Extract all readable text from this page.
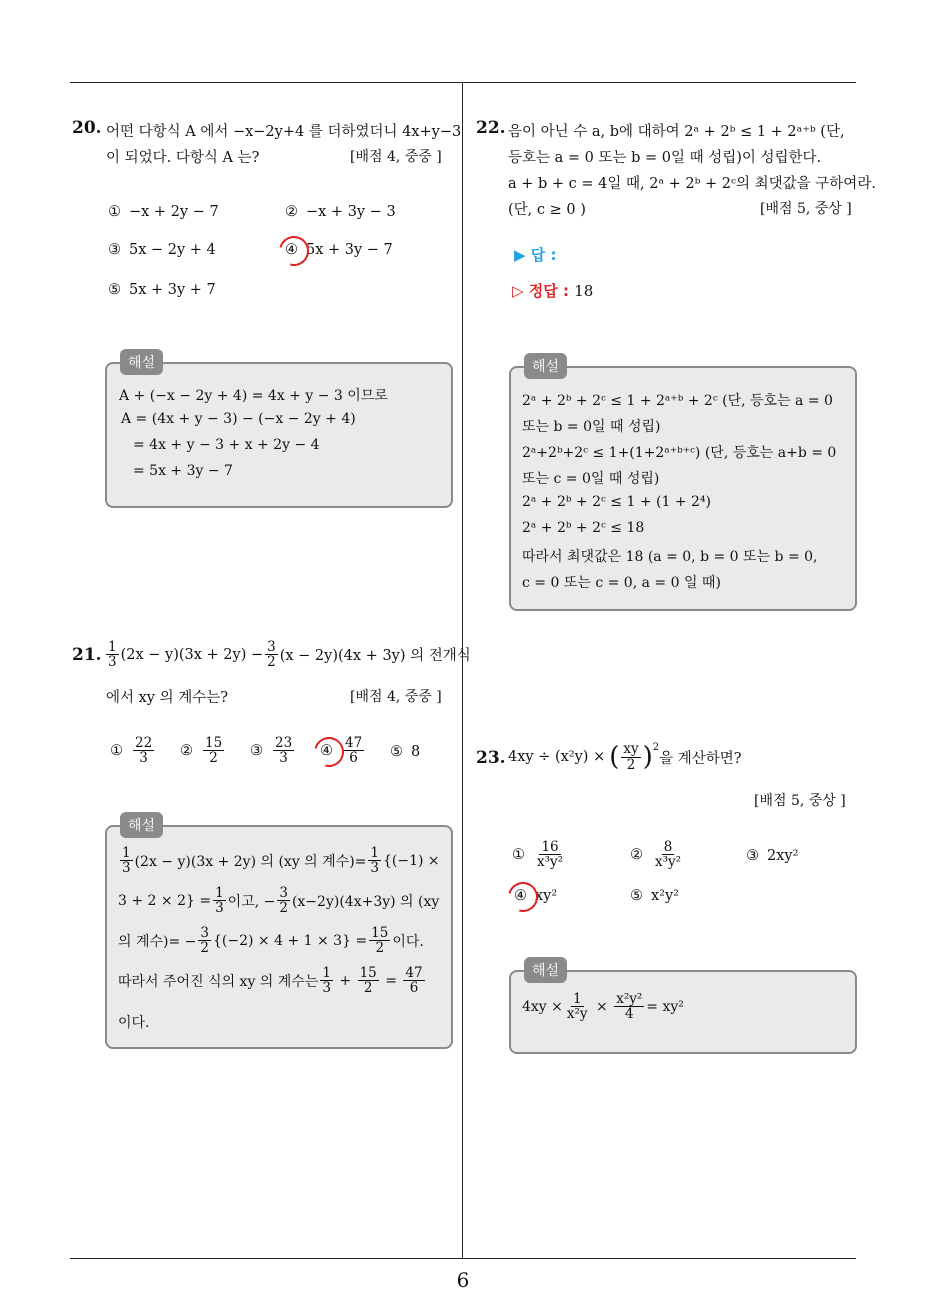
6
20. 어떤 다항식 A 에서 −x−2y+4 를 더하였더니 4x+y−3
이 되었다. 다항식 A 는?	[배점 4, 중중 ]
① −x + 2y − 7	② −x + 3y − 3
③ 5x − 2y + 4	④ 5x + 3y − 7
⑤ 5x + 3y + 7
해설
A + (−x − 2y + 4) = 4x + y − 3 이므로
A = (4x + y − 3) − (−x − 2y + 4)
= 4x + y − 3 + x + 2y − 4
= 5x + 3y − 7
21. $\frac{1}{3} (2x - y)(3x + 2y) - \frac{3}{2} (x - 2y)(4x + 3y)$ 의 전개식
에서 xy 의 계수는?	[배점 4, 중중 ]
① $\frac{22}{3}$ ② $\frac{15}{2}$ ③ $\frac{23}{3}$ ④ $\frac{47}{6}$ ⑤ 8
해설
$\frac{1}{3} (2x - y)(3x + 2y)$ 의 (xy 의 계수)= $\frac{1}{3} \{(-1)$ ×
$3 + 2 \times 2\} = \frac{1}{3}$ 이고, − $\frac{3}{2} (x-2y)(4x+3y)$ 의 (xy
의 계수)= − $\frac{3}{2} \{(-2) \times 4 + 1 \times 3\} = \frac{15}{2}$ 이다.
따라서 주어진 식의 xy 의 계수는 $\frac{1}{3} + \frac{15}{2} = \frac{47}{6}$
이다.
22. 음이 아닌 수 a, b에 대하여 2ᵃ + 2ᵇ ≤ 1 + 2ᵃ⁺ᵇ (단,
등호는 a = 0 또는 b = 0일 때 성립)이 성립한다.
a + b + c = 4일 때, 2ᵃ + 2ᵇ + 2ᶜ의 최댓값을 구하여라.
(단, c ≥ 0 )	[배점 5, 중상 ]
▶ 답 :
▷ 정답 : 18
해설
2ᵃ + 2ᵇ + 2ᶜ ≤ 1 + 2ᵃ⁺ᵇ + 2ᶜ (단, 등호는 a = 0
또는 b = 0일 때 성립)
2ᵃ+2ᵇ+2ᶜ ≤ 1+(1+2ᵃ⁺ᵇ⁺ᶜ) (단, 등호는 a+b = 0
또는 c = 0일 때 성립)
2ᵃ + 2ᵇ + 2ᶜ ≤ 1 + (1 + 2⁴)
2ᵃ + 2ᵇ + 2ᶜ ≤ 18
따라서 최댓값은 18 (a = 0, b = 0 또는 b = 0,
c = 0 또는 c = 0, a = 0 일 때)
23. 4xy ÷ (x²y) × ( $\frac{xy}{2} )^2$
을 계산하면?
[배점 5, 중상 ]
① $\frac{16}{\text{x³y²}}$	② $\frac{8}{\text{x³y²}}$	③ 2xy²
④ xy²	⑤ x²y²
해설
$4xy \times \frac{1}{\text{x²y}} \times \frac{\text{x²y²}}{4} = xy^2$
